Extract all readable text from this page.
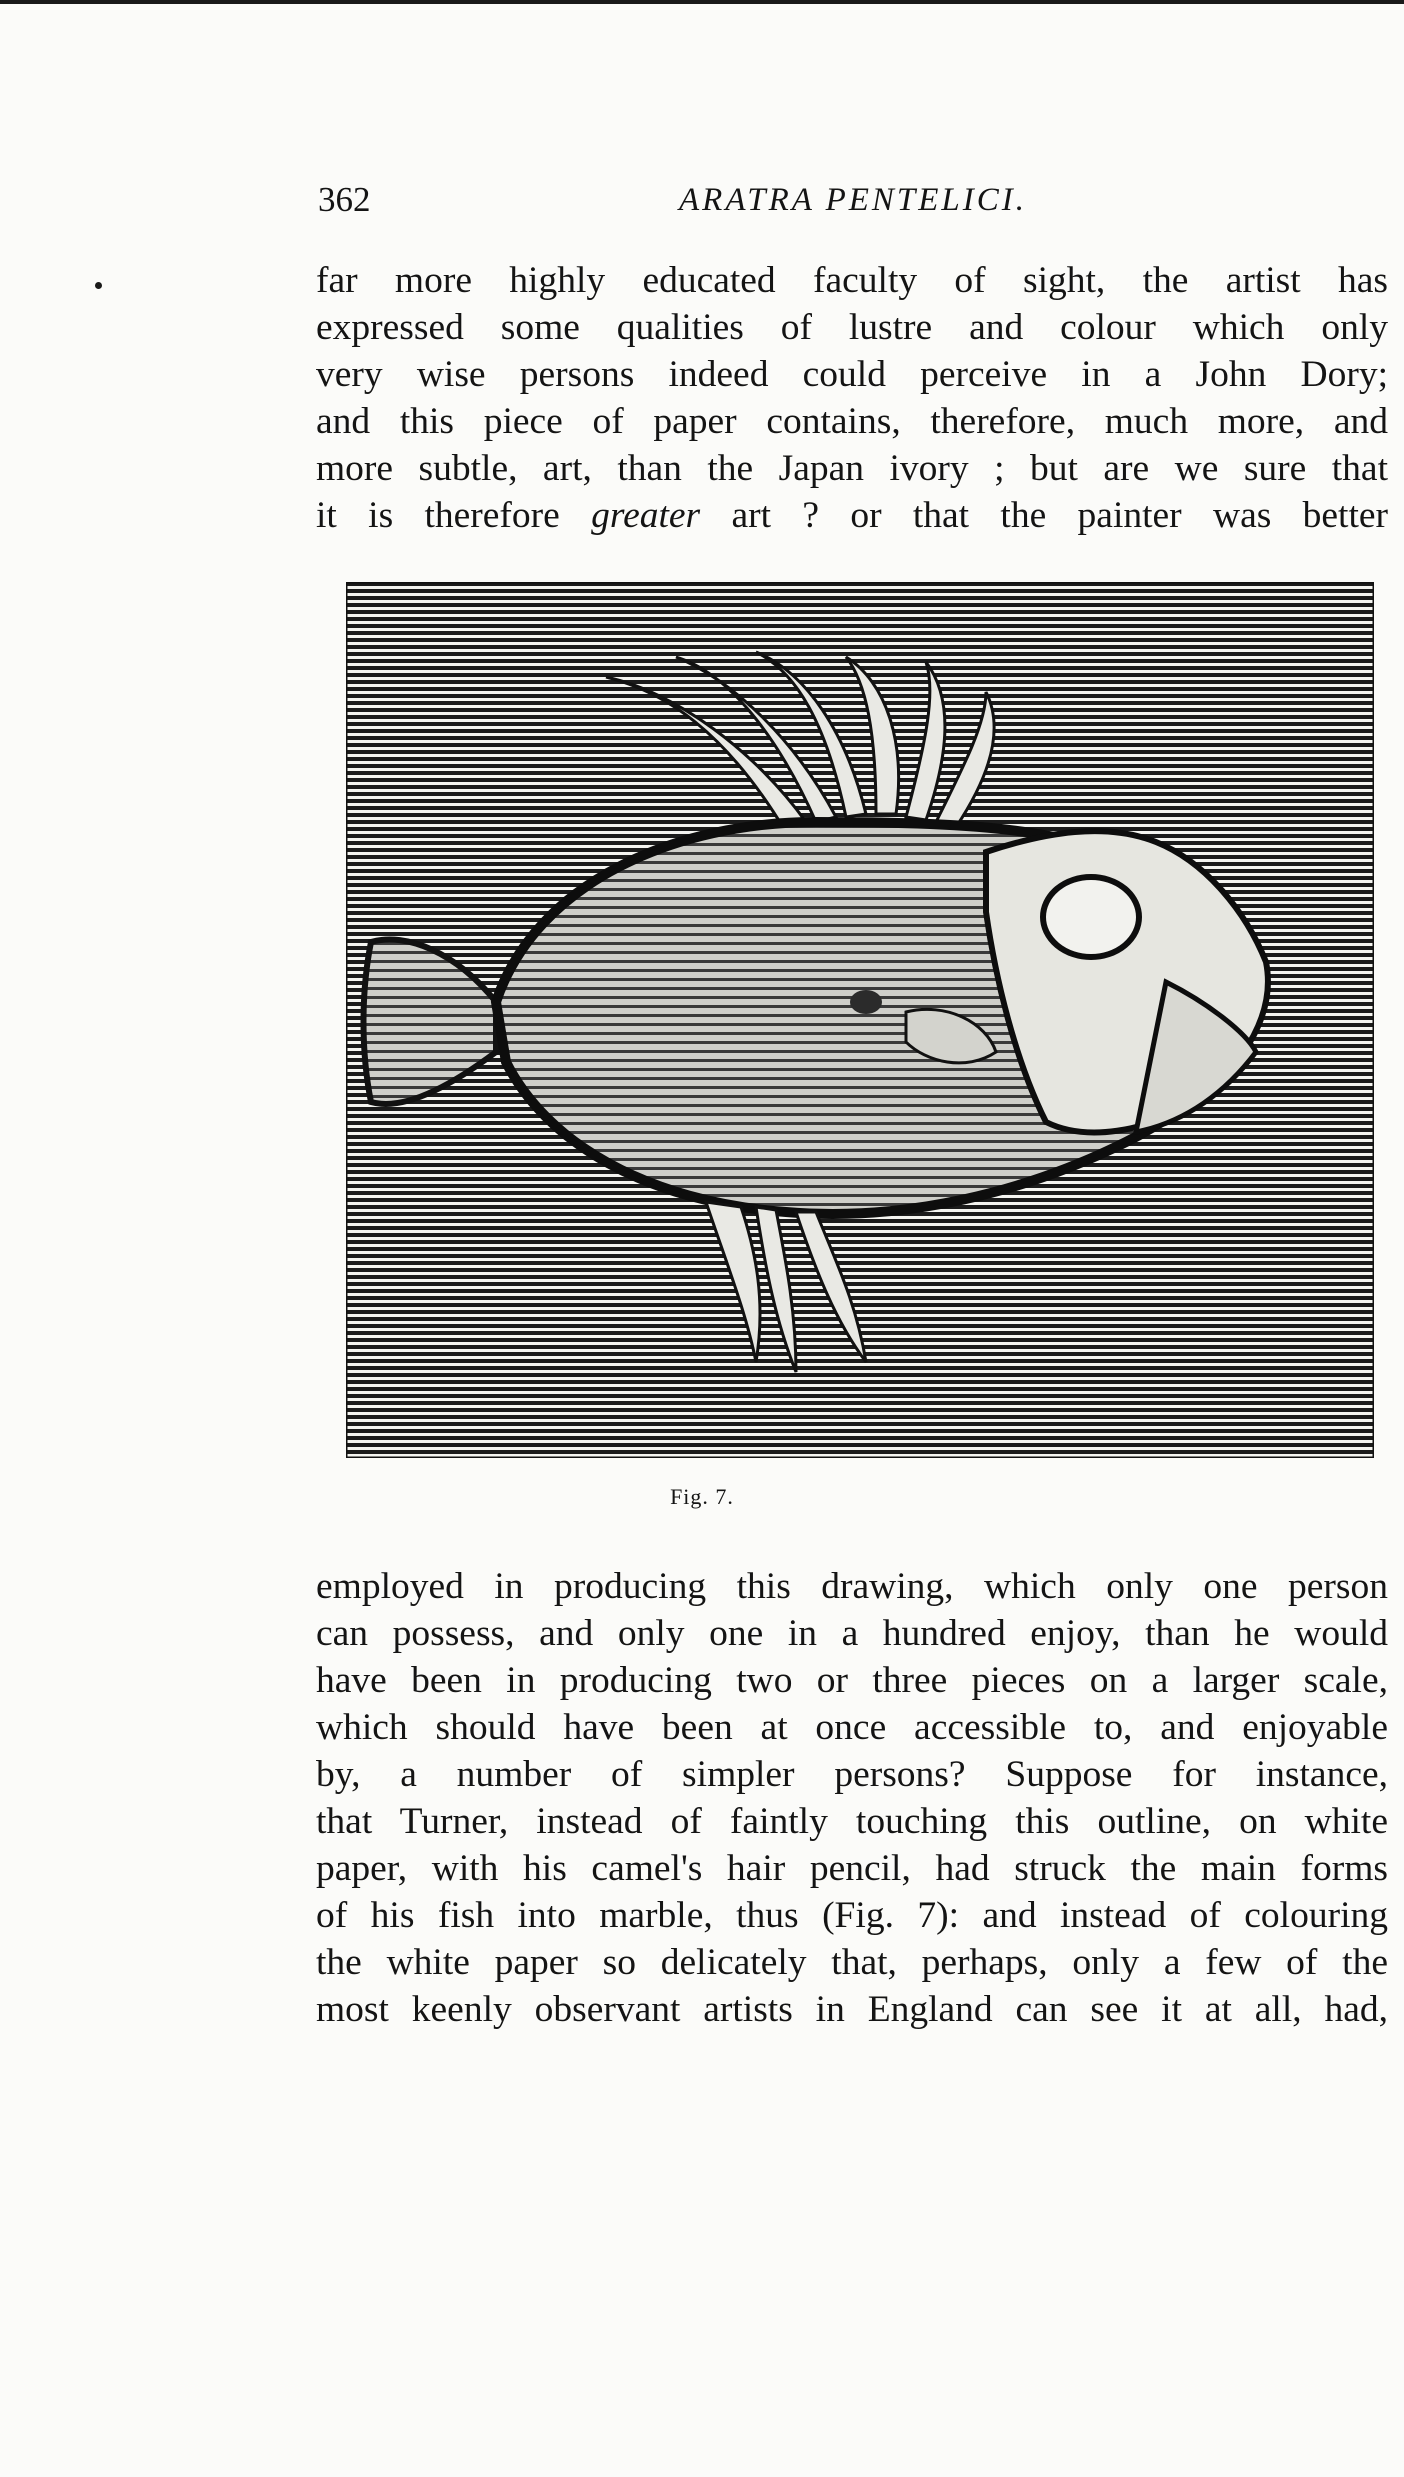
362	ARATRA PENTELICI.

far more highly educated faculty of sight, the artist has
expressed some qualities of lustre and colour which only
very wise persons indeed could perceive in a John Dory;
and this piece of paper contains, therefore, much more, and
more subtle, art, than the Japan ivory ; but are we sure that
it is therefore greater art ? or that the painter was better

Fig. 7.

employed in producing this drawing, which only one person
can possess, and only one in a hundred enjoy, than he would
have been in producing two or three pieces on a larger scale,
which should have been at once accessible to, and enjoyable
by, a number of simpler persons? Suppose for instance,
that Turner, instead of faintly touching this outline, on white
paper, with his camel's hair pencil, had struck the main forms
of his fish into marble, thus (Fig. 7): and instead of colouring
the white paper so delicately that, perhaps, only a few of the
most keenly observant artists in England can see it at all, had,
